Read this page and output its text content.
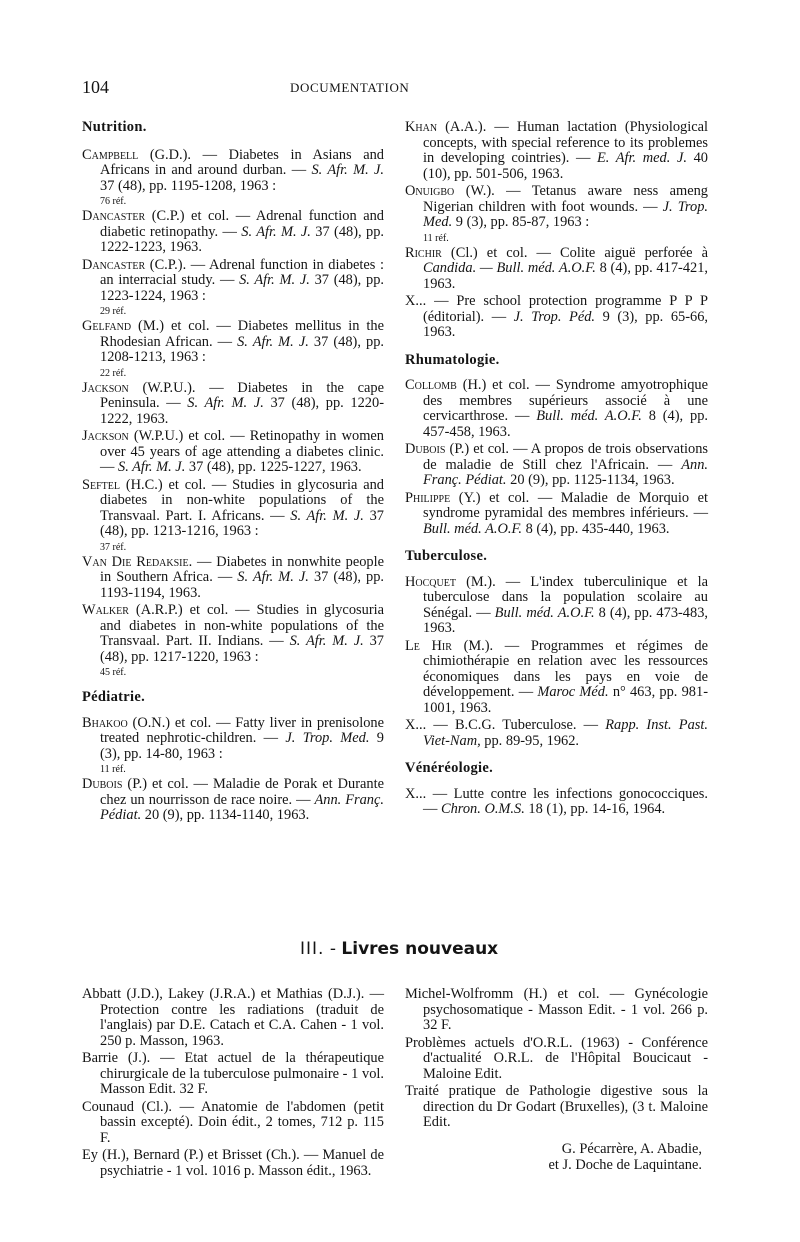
104	DOCUMENTATION
Nutrition.
Campbell (G.D.). — Diabetes in Asians and Africans in and around durban. — S. Afr. M. J. 37 (48), pp. 1195-1208, 1963 :
76 réf.
Dancaster (C.P.) et col. — Adrenal function and diabetic retinopathy. — S. Afr. M. J. 37 (48), pp. 1222-1223, 1963.
Dancaster (C.P.). — Adrenal function in diabetes : an interracial study. — S. Afr. M. J. 37 (48), pp. 1223-1224, 1963 :
29 réf.
Gelfand (M.) et col. — Diabetes mellitus in the Rhodesian African. — S. Afr. M. J. 37 (48), pp. 1208-1213, 1963 :
22 réf.
Jackson (W.P.U.). — Diabetes in the cape Peninsula. — S. Afr. M. J. 37 (48), pp. 1220-1222, 1963.
Jackson (W.P.U.) et col. — Retinopathy in women over 45 years of age attending a diabetes clinic. — S. Afr. M. J. 37 (48), pp. 1225-1227, 1963.
Seftel (H.C.) et col. — Studies in glycosuria and diabetes in non-white populations of the Transvaal. Part. I. Africans. — S. Afr. M. J. 37 (48), pp. 1213-1216, 1963 :
37 réf.
Van Die Redaksie. — Diabetes in nonwhite people in Southern Africa. — S. Afr. M. J. 37 (48), pp. 1193-1194, 1963.
Walker (A.R.P.) et col. — Studies in glycosuria and diabetes in non-white populations of the Transvaal. Part. II. Indians. — S. Afr. M. J. 37 (48), pp. 1217-1220, 1963 :
45 réf.
Pédiatrie.
Bhakoo (O.N.) et col. — Fatty liver in prenisolone treated nephrotic-children. — J. Trop. Med. 9 (3), pp. 14-80, 1963 :
11 réf.
Dubois (P.) et col. — Maladie de Porak et Durante chez un nourrisson de race noire. — Ann. Franç. Pédiat. 20 (9), pp. 1134-1140, 1963.
Khan (A.A.). — Human lactation (Physiological concepts, with special reference to its problemes in developing cointries). — E. Afr. med. J. 40 (10), pp. 501-506, 1963.
Onuigbo (W.). — Tetanus aware ness ameng Nigerian children with foot wounds. — J. Trop. Med. 9 (3), pp. 85-87, 1963 :
11 réf.
Richir (Cl.) et col. — Colite aiguë perforée à Candida. — Bull. méd. A.O.F. 8 (4), pp. 417-421, 1963.
X... — Pre school protection programme P P P (éditorial). — J. Trop. Péd. 9 (3), pp. 65-66, 1963.
Rhumatologie.
Collomb (H.) et col. — Syndrome amyotrophique des membres supérieurs associé à une cervicarthrose. — Bull. méd. A.O.F. 8 (4), pp. 457-458, 1963.
Dubois (P.) et col. — A propos de trois observations de maladie de Still chez l'Africain. — Ann. Franç. Pédiat. 20 (9), pp. 1125-1134, 1963.
Philippe (Y.) et col. — Maladie de Morquio et syndrome pyramidal des membres inférieurs. — Bull. méd. A.O.F. 8 (4), pp. 435-440, 1963.
Tuberculose.
Hocquet (M.). — L'index tuberculinique et la tuberculose dans la population scolaire au Sénégal. — Bull. méd. A.O.F. 8 (4), pp. 473-483, 1963.
Le Hir (M.). — Programmes et régimes de chimiothérapie en relation avec les ressources économiques dans les pays en voie de développement. — Maroc Méd. n° 463, pp. 981-1001, 1963.
X... — B.C.G. Tuberculose. — Rapp. Inst. Past. Viet-Nam, pp. 89-95, 1962.
Vénéréologie.
X... — Lutte contre les infections gonococciques. — Chron. O.M.S. 18 (1), pp. 14-16, 1964.
III. - Livres nouveaux
Abbatt (J.D.), Lakey (J.R.A.) et Mathias (D.J.). — Protection contre les radiations (traduit de l'anglais) par D.E. Catach et C.A. Cahen - 1 vol. 250 p. Masson, 1963.
Barrie (J.). — Etat actuel de la thérapeutique chirurgicale de la tuberculose pulmonaire - 1 vol. Masson Edit. 32 F.
Counaud (Cl.). — Anatomie de l'abdomen (petit bassin excepté). Doin édit., 2 tomes, 712 p. 115 F.
Ey (H.), Bernard (P.) et Brisset (Ch.). — Manuel de psychiatrie - 1 vol. 1016 p. Masson édit., 1963.
Michel-Wolfromm (H.) et col. — Gynécologie psychosomatique - Masson Edit. - 1 vol. 266 p. 32 F.
Problèmes actuels d'O.R.L. (1963) - Conférence d'actualité O.R.L. de l'Hôpital Boucicaut - Maloine Edit.
Traité pratique de Pathologie digestive sous la direction du Dr Godart (Bruxelles), (3 t. Maloine Edit.
G. Pécarrère, A. Abadie,
et J. Doche de Laquintane.
